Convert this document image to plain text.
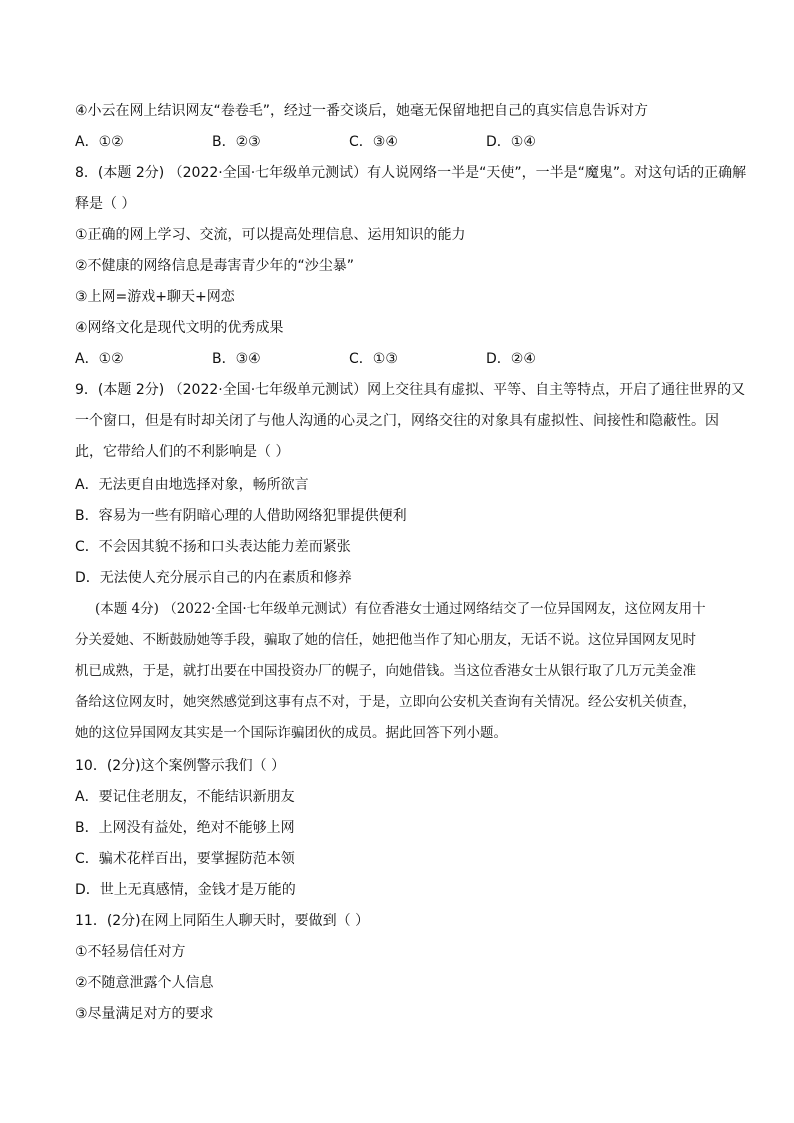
④小云在网上结识网友“卷卷毛”，经过一番交谈后，她毫无保留地把自己的真实信息告诉对方
A．①②	B．②③	C．③④	D．①④
8．(本题 2分) （2022·全国·七年级单元测试）有人说网络一半是“天使”，一半是“魔鬼”。对这句话的正确解
释是（ ）
①正确的网上学习、交流，可以提高处理信息、运用知识的能力
②不健康的网络信息是毒害青少年的“沙尘暴”
③上网=游戏+聊天+网恋
④网络文化是现代文明的优秀成果
A．①②	B．③④	C．①③	D．②④
9．(本题 2分) （2022·全国·七年级单元测试）网上交往具有虚拟、平等、自主等特点，开启了通往世界的又
一个窗口，但是有时却关闭了与他人沟通的心灵之门，网络交往的对象具有虚拟性、间接性和隐蔽性。因
此，它带给人们的不利影响是（ ）
A．无法更自由地选择对象，畅所欲言
B．容易为一些有阴暗心理的人借助网络犯罪提供便利
C．不会因其貌不扬和口头表达能力差而紧张
D．无法使人充分展示自己的内在素质和修养
(本题 4分) （2022·全国·七年级单元测试）有位香港女士通过网络结交了一位异国网友，这位网友用十
分关爱她、不断鼓励她等手段，骗取了她的信任，她把他当作了知心朋友，无话不说。这位异国网友见时
机已成熟，于是，就打出要在中国投资办厂的幌子，向她借钱。当这位香港女士从银行取了几万元美金准
备给这位网友时，她突然感觉到这事有点不对，于是，立即向公安机关查询有关情况。经公安机关侦查，
她的这位异国网友其实是一个国际诈骗团伙的成员。据此回答下列小题。
10．(2分)这个案例警示我们（ ）
A．要记住老朋友，不能结识新朋友
B．上网没有益处，绝对不能够上网
C．骗术花样百出，要掌握防范本领
D．世上无真感情，金钱才是万能的
11．(2分)在网上同陌生人聊天时，要做到（ ）
①不轻易信任对方
②不随意泄露个人信息
③尽量满足对方的要求
